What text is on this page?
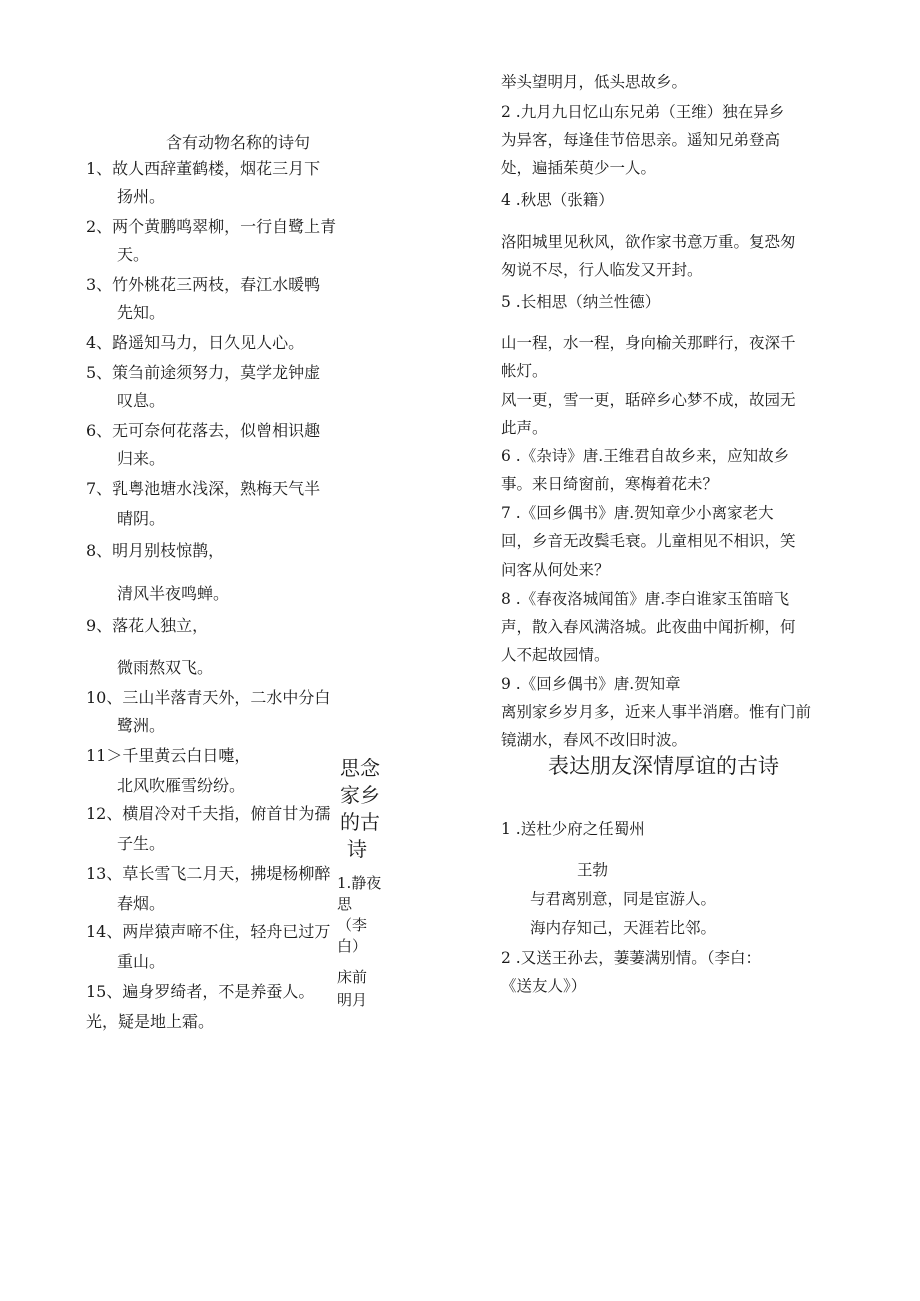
含有动物名称的诗句
1、故人西辞董鹤楼，烟花三月下
扬州。
2、两个黄鹏鸣翠柳，一行自鹭上青
天。
3、竹外桃花三两枝，春江水暖鸭
先知。
4、路遥知马力，日久见人心。
5、策刍前途须努力，莫学龙钟虚
叹息。
6、无可奈何花落去，似曾相识趣
归来。
7、乳粤池塘水浅深，熟梅天气半
晴阴。
8、明月别枝惊鹊，
清风半夜鸣蝉。
9、落花人独立，
微雨熬双飞。
10、三山半落青天外，二水中分白
鹭洲。
11＞千里黄云白日嚏，
北风吹雁雪纷纷。
12、横眉冷对千夫指，俯首甘为孺
子生。
13、草长雪飞二月天，拂堤杨柳醉
春烟。
14、两岸猿声啼不住，轻舟已过万
重山。
15、遍身罗绮者，不是养蚕人。
光，疑是地上霜。
思念
家乡
的古
诗
1.静夜
思
（李
白）
床前
明月
举头望明月，低头思故乡。
2 .九月九日忆山东兄弟（王维）独在异乡
为异客，每逢佳节倍思亲。遥知兄弟登高
处，遍插茱萸少一人。
4 .秋思（张籍）
洛阳城里见秋风，欲作家书意万重。复恐匆
匆说不尽，行人临发又开封。
5 .长相思（纳兰性德）
山一程，水一程，身向榆关那畔行，夜深千
帐灯。
风一更，雪一更，聒碎乡心梦不成，故园无
此声。
6 .《杂诗》唐.王维君自故乡来，应知故乡
事。来日绮窗前，寒梅着花未？
7 .《回乡偶书》唐.贺知章少小离家老大
回，乡音无改鬓毛衰。儿童相见不相识，笑
问客从何处来？
8 .《春夜洛城闻笛》唐.李白谁家玉笛暗飞
声，散入春风满洛城。此夜曲中闻折柳，何
人不起故园情。
9 .《回乡偶书》唐.贺知章
离别家乡岁月多，近来人事半消磨。惟有门前
镜湖水，春风不改旧时波。
表达朋友深情厚谊的古诗
1 .送杜少府之任蜀州
王勃
与君离别意，同是宦游人。
海内存知己，天涯若比邻。
2 .又送王孙去，萋萋满别情。（李白：
《送友人》）
